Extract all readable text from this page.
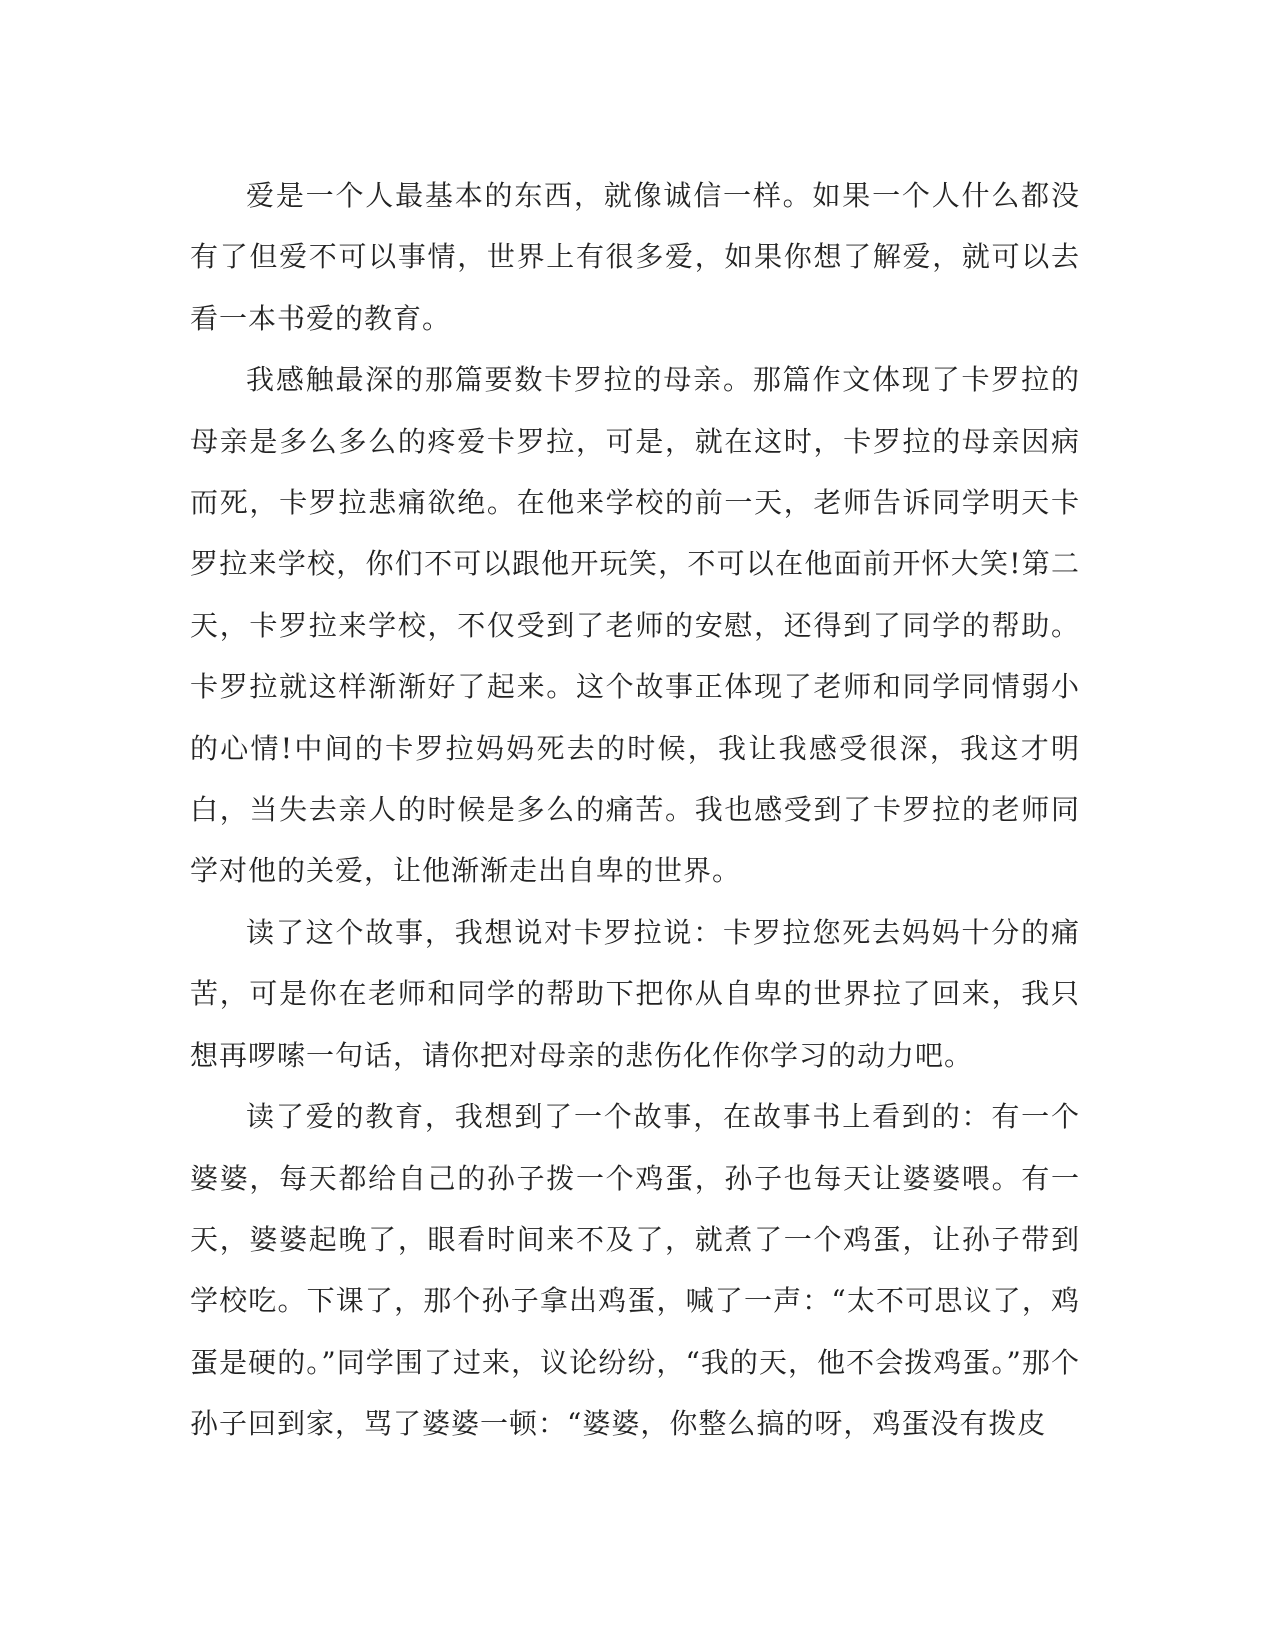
爱是一个人最基本的东西，就像诚信一样。如果一个人什么都没有了但爱不可以事情，世界上有很多爱，如果你想了解爱，就可以去看一本书爱的教育。

我感触最深的那篇要数卡罗拉的母亲。那篇作文体现了卡罗拉的母亲是多么多么的疼爱卡罗拉，可是，就在这时，卡罗拉的母亲因病而死，卡罗拉悲痛欲绝。在他来学校的前一天，老师告诉同学明天卡罗拉来学校，你们不可以跟他开玩笑，不可以在他面前开怀大笑!第二天，卡罗拉来学校，不仅受到了老师的安慰，还得到了同学的帮助。卡罗拉就这样渐渐好了起来。这个故事正体现了老师和同学同情弱小的心情!中间的卡罗拉妈妈死去的时候，我让我感受很深，我这才明白，当失去亲人的时候是多么的痛苦。我也感受到了卡罗拉的老师同学对他的关爱，让他渐渐走出自卑的世界。

读了这个故事，我想说对卡罗拉说：卡罗拉您死去妈妈十分的痛苦，可是你在老师和同学的帮助下把你从自卑的世界拉了回来，我只想再啰嗦一句话，请你把对母亲的悲伤化作你学习的动力吧。

读了爱的教育，我想到了一个故事，在故事书上看到的：有一个婆婆，每天都给自己的孙子拨一个鸡蛋，孙子也每天让婆婆喂。有一天，婆婆起晚了，眼看时间来不及了，就煮了一个鸡蛋，让孙子带到学校吃。下课了，那个孙子拿出鸡蛋，喊了一声：“太不可思议了，鸡蛋是硬的。”同学围了过来，议论纷纷，“我的天，他不会拨鸡蛋。”那个孙子回到家，骂了婆婆一顿：“婆婆，你整么搞的呀，鸡蛋没有拨皮
